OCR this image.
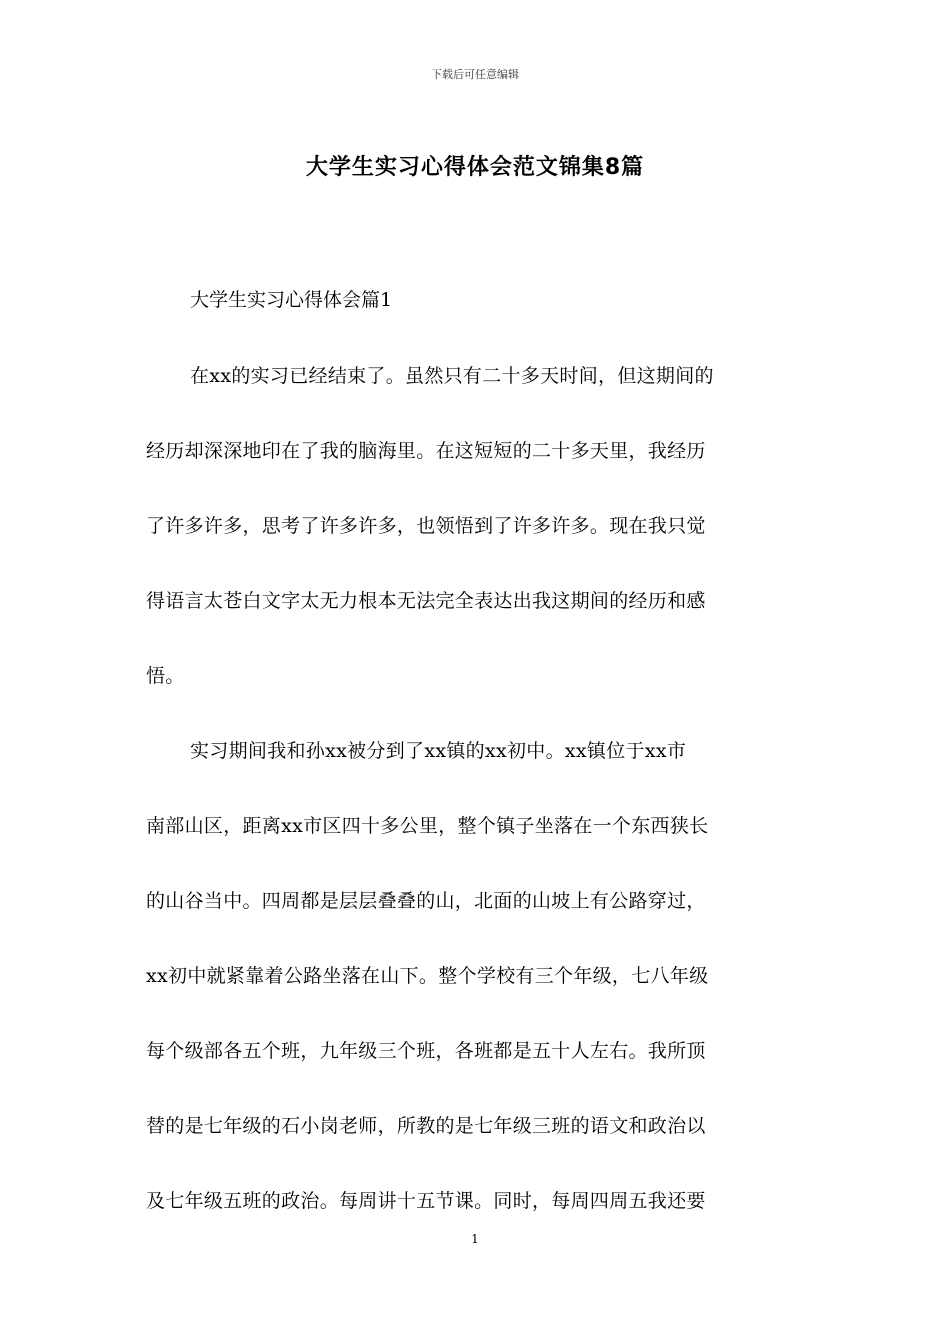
下载后可任意编辑
大学生实习心得体会范文锦集8篇
大学生实习心得体会篇1
在xx的实习已经结束了。虽然只有二十多天时间，但这期间的
经历却深深地印在了我的脑海里。在这短短的二十多天里，我经历
了许多许多，思考了许多许多，也领悟到了许多许多。现在我只觉
得语言太苍白文字太无力根本无法完全表达出我这期间的经历和感
悟。
实习期间我和孙xx被分到了xx镇的xx初中。xx镇位于xx市
南部山区，距离xx市区四十多公里，整个镇子坐落在一个东西狭长
的山谷当中。四周都是层层叠叠的山，北面的山坡上有公路穿过，
xx初中就紧靠着公路坐落在山下。整个学校有三个年级，七八年级
每个级部各五个班，九年级三个班，各班都是五十人左右。我所顶
替的是七年级的石小岗老师，所教的是七年级三班的语文和政治以
及七年级五班的政治。每周讲十五节课。同时，每周四周五我还要
1
